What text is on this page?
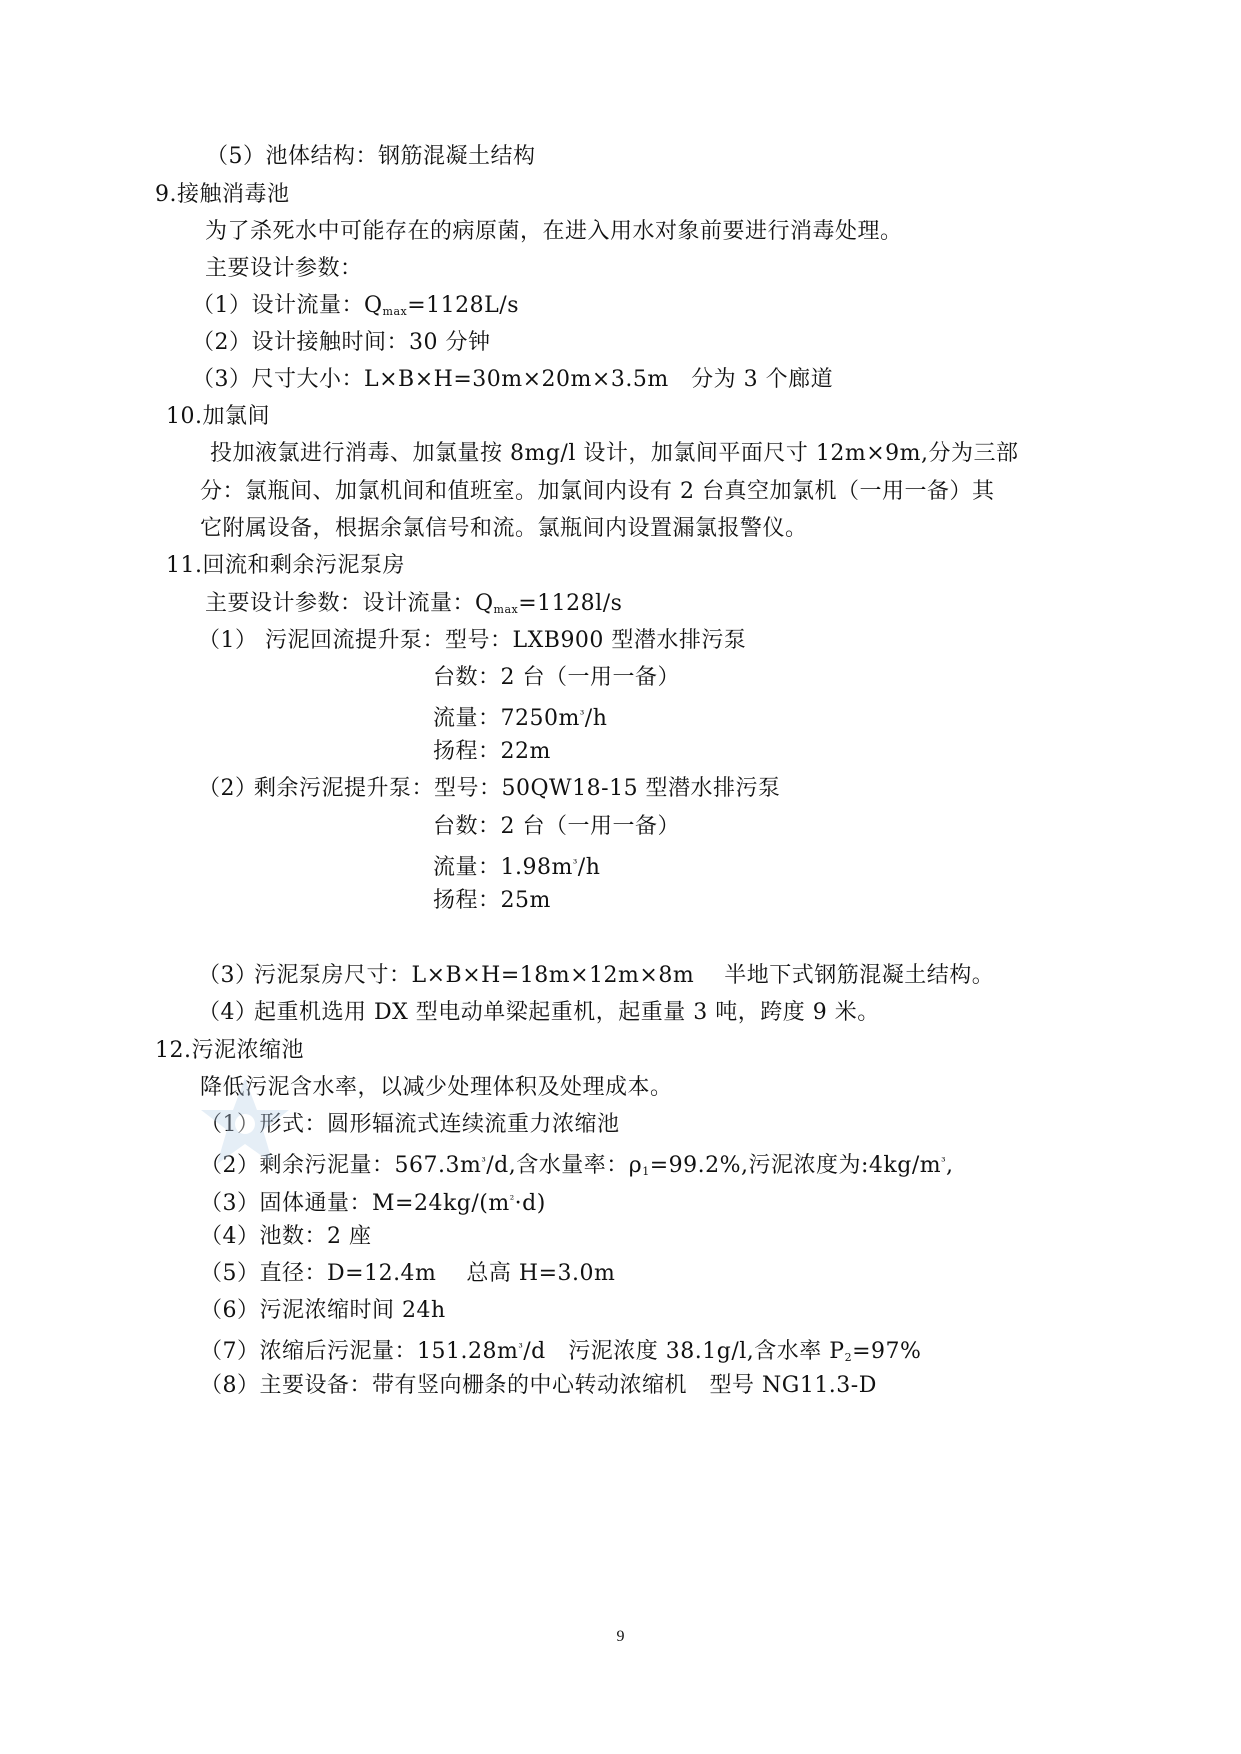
（5）池体结构：钢筋混凝土结构
9.接触消毒池
为了杀死水中可能存在的病原菌，在进入用水对象前要进行消毒处理。
主要设计参数：
（1）设计流量：$Q_{max}=1128L/s$
（2）设计接触时间：30 分钟
（3）尺寸大小：L×B×H=30m×20m×3.5m　分为 3 个廊道
10.加氯间
投加液氯进行消毒、加氯量按 8mg/l 设计，加氯间平面尺寸 12m×9m,分为三部
分：氯瓶间、加氯机间和值班室。加氯间内设有 2 台真空加氯机（一用一备）其
它附属设备，根据余氯信号和流。氯瓶间内设置漏氯报警仪。
11.回流和剩余污泥泵房
主要设计参数：设计流量：$Q_{max}=1128l/s$
（1） 污泥回流提升泵：型号：LXB900 型潜水排污泵
台数：2 台（一用一备）
流量：$7250m^{^3}/h$
扬程：22m
（2）
剩余污泥提升泵：型号：50QW18-15 型潜水排污泵
台数：2 台（一用一备）
流量：$1.98m^{^3}/h$
扬程：25m
（3）
污泥泵房尺寸：L×B×H=18m×12m×8m　 半地下式钢筋混凝土结构。
（4）
起重机选用 DX 型电动单梁起重机，起重量 3 吨，跨度 9 米。
12.污泥浓缩池
降低污泥含水率，以减少处理体积及处理成本。
（1）形式：圆形辐流式连续流重力浓缩池
（2）剩余污泥量：$567.3m^{^3}/d$,含水量率：$\rho_1=99.2\%$,污泥浓度为$:4kg/m^{^3}$,
（3）固体通量：$M=24kg/(m^{^2}\cdot d)$
（4）池数：2 座
（5）直径：D=12.4m　 总高 H=3.0m
（6）污泥浓缩时间 24h
（7）浓缩后污泥量：$151.28m^{^3}/d$　污泥浓度 38.1g/l,含水率 $P_2=97\%$
（8）主要设备：带有竖向栅条的中心转动浓缩机　型号 NG11.3-D
9
